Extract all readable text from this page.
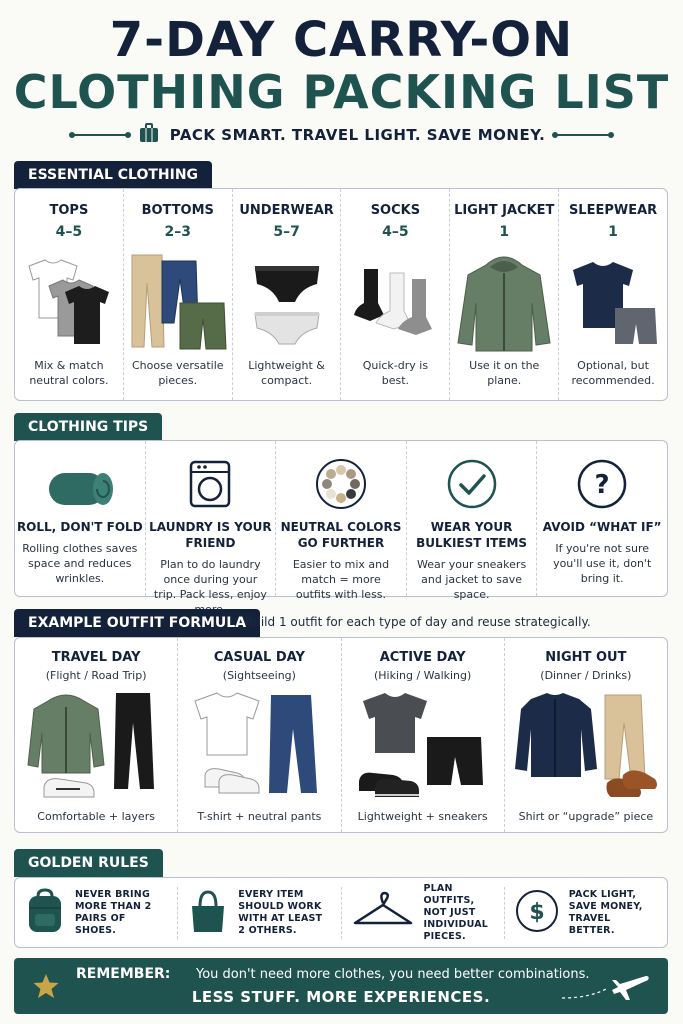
7-DAY CARRY-ON
CLOTHING PACKING LIST
PACK SMART. TRAVEL LIGHT. SAVE MONEY.
ESSENTIAL CLOTHING
TOPS
4–5
Mix & match neutral colors.
BOTTOMS
2–3
Choose versatile pieces.
UNDERWEAR
5–7
Lightweight & compact.
SOCKS
4–5
Quick-dry is best.
LIGHT JACKET
1
Use it on the plane.
SLEEPWEAR
1
Optional, but recommended.
CLOTHING TIPS
ROLL, DON'T FOLD
Rolling clothes saves space and reduces wrinkles.
LAUNDRY IS YOUR FRIEND
Plan to do laundry once during your trip. Pack less, enjoy
NEUTRAL COLORS GO FURTHER
Easier to mix and match = more outfits with less.
WEAR YOUR BULKIEST ITEMS
Wear your sneakers and jacket to save space.
?
AVOID “WHAT IF”
If you're not sure you'll use it, don't bring it.
EXAMPLE OUTFIT FORMULA
Build 1 outfit for each type of day and reuse strategically.
TRAVEL DAY
(Flight / Road Trip)
Comfortable + layers
CASUAL DAY
(Sightseeing)
T-shirt + neutral pants
ACTIVE DAY
(Hiking / Walking)
Lightweight + sneakers
NIGHT OUT
(Dinner / Drinks)
Shirt or “upgrade” piece
GOLDEN RULES
NEVER BRING MORE THAN 2 PAIRS OF SHOES.
EVERY ITEM SHOULD WORK WITH AT LEAST 2 OTHERS.
PLAN OUTFITS, NOT JUST INDIVIDUAL PIECES.
$
PACK LIGHT, SAVE MONEY, TRAVEL BETTER.
REMEMBER: You don't need more clothes, you need better combinations.
LESS STUFF. MORE EXPERIENCES.
